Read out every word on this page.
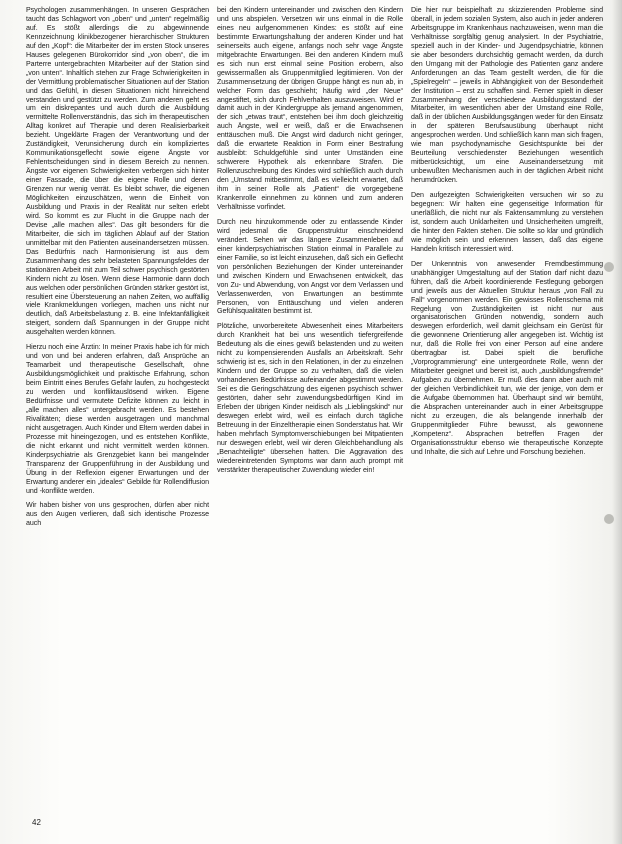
Psychologen zusammenhängen. In unseren Gesprächen taucht das Schlagwort von „oben“ und „unten“ regelmäßig auf. Es stößt allerdings die zu abgewinnende Kennzeichnung klinikbezogener hierarchischer Strukturen auf den „Kopf“: die Mitarbeiter der im ersten Stock unseres Hauses gelegenen Bürokorridor sind „von oben“, die im Parterre untergebrachten Mitarbeiter auf der Station sind „von unten“. Inhaltlich stehen zur Frage Schwierigkeiten in der Vermittlung problematischer Situationen auf der Station und das Gefühl, in diesen Situationen nicht hinreichend verstanden und gestützt zu werden. Zum anderen geht es um ein diskrepantes und auch durch die Ausbildung vermittelte Rollenverständnis, das sich im therapeutischen Alltag konkret auf Therapie und deren Realisierbarkeit bezieht. Ungeklärte Fragen der Verantwortung und der Zuständigkeit, Verunsicherung durch ein kompliziertes Kommunikationsgeflecht sowie eigene Ängste vor Fehlentscheidungen sind in diesem Bereich zu nennen. Ängste vor eigenen Schwierigkeiten verbergen sich hinter einer Fassade, die über die eigene Rolle und deren Grenzen nur wenig verrät. Es bleibt schwer, die eigenen Möglichkeiten einzuschätzen, wenn die Einheit von Ausbildung und Praxis in der Realität nur selten erlebt wird. So kommt es zur Flucht in die Gruppe nach der Devise „alle machen alles“. Das gilt besonders für die Mitarbeiter, die sich im täglichen Ablauf auf der Station unmittelbar mit den Patienten auseinandersetzen müssen. Das Bedürfnis nach Harmonisierung ist aus dem Zusammenhang des sehr belasteten Spannungsfeldes der stationären Arbeit mit zum Teil schwer psychisch gestörten Kindern nicht zu lösen. Wenn diese Harmonie dann doch aus welchen oder persönlichen Gründen stärker gestört ist, resultiert eine Übersteuerung an nahen Zeiten, wo auffällig viele Krankmeldungen vorliegen, machen uns nicht nur deutlich, daß Arbeitsbelastung z. B. eine Infektanfälligkeit steigert, sondern daß Spannungen in der Gruppe nicht ausgehalten werden können.

Hierzu noch eine Ärztin: In meiner Praxis habe ich für mich und von und bei anderen erfahren, daß Ansprüche an Teamarbeit und therapeutische Gesellschaft, ohne Ausbildungsmöglichkeit und praktische Erfahrung, schon beim Eintritt eines Berufes Gefahr laufen, zu hochgesteckt zu werden und konfliktauslösend wirken. Eigene Bedürfnisse und vermutete Defizite können zu leicht in „alle machen alles“ untergebracht werden. Es bestehen Rivalitäten; diese werden ausgetragen und manchmal nicht ausgetragen. Auch Kinder und Eltern werden dabei in Prozesse mit hineingezogen, und es entstehen Konflikte, die nicht erkannt und nicht vermittelt werden können. Kinderpsychiatrie als Grenzgebiet kann bei mangelnder Transparenz der Gruppenführung in der Ausbildung und Übung in der Reflexion eigener Erwartungen und der Erwartung anderer ein „ideales“ Gebilde für Rollendiffusion und -konflikte werden.

Wir haben bisher von uns gesprochen, dürfen aber nicht aus den Augen verlieren, daß sich identische Prozesse auch

bei den Kindern untereinander und zwischen den Kindern und uns abspielen. Versetzen wir uns einmal in die Rolle eines neu aufgenommenen Kindes: es stößt auf eine bestimmte Erwartungshaltung der anderen Kinder und hat seinerseits auch eigene, anfangs noch sehr vage Ängste mitgebrachte Erwartungen. Bei den anderen Kindern muß es sich nun erst einmal seine Position erobern, also gewissermaßen als Gruppenmitglied legitimieren. Von der Zusammensetzung der übrigen Gruppe hängt es nun ab, in welcher Form das geschieht; häufig wird „der Neue“ angestiftet, sich durch Fehlverhalten auszuweisen. Wird er damit auch in der Kindergruppe als jemand angenommen, der sich „etwas traut“, entstehen bei ihm doch gleichzeitig auch Ängste, weil er weiß, daß er die Erwachsenen enttäuschen muß. Die Angst wird dadurch nicht geringer, daß die erwartete Reaktion in Form einer Bestrafung ausbleibt: Schuldgefühle sind unter Umständen eine schwerere Hypothek als erkennbare Strafen. Die Rollenzuschreibung des Kindes wird schließlich auch durch den „Umstand mitbestimmt, daß es vielleicht erwartet, daß ihm in seiner Rolle als „Patient“ die vorgegebene Krankenrolle einnehmen zu können und zum anderen Verhältnisse vorfindet.

Durch neu hinzukommende oder zu entlassende Kinder wird jedesmal die Gruppenstruktur einschneidend verändert. Sehen wir das längere Zusammenleben auf einer kinderpsychiatrischen Station einmal in Parallele zu einer Familie, so ist leicht einzusehen, daß sich ein Geflecht von persönlichen Beziehungen der Kinder untereinander und zwischen Kindern und Erwachsenen entwickelt, das von Zu- und Abwendung, von Angst vor dem Verlassen und Verlassenwerden, von Erwartungen an bestimmte Personen, von Enttäuschung und vielen anderen Gefühlsqualitäten bestimmt ist.

Plötzliche, unvorbereitete Abwesenheit eines Mitarbeiters durch Krankheit hat bei uns wesentlich tiefergreifende Bedeutung als die eines gewiß belastenden und zu weiten nicht zu kompensierenden Ausfalls an Arbeitskraft. Sehr schwierig ist es, sich in den Relationen, in der zu einzelnen Kindern und der Gruppe so zu verhalten, daß die vielen vorhandenen Bedürfnisse aufeinander abgestimmt werden. Sei es die Geringschätzung des eigenen psychisch schwer gestörten, daher sehr zuwendungsbedürftigen Kind im Erleben der übrigen Kinder neidisch als „Lieblingskind“ nur deswegen erlebt wird, weil es einfach durch tägliche Betreuung in der Einzeltherapie einen Sonderstatus hat. Wir haben mehrfach Symptomverschiebungen bei Mitpatienten nur deswegen erlebt, weil wir deren Gleichbehandlung als „Benachteiligte“ übersehen hatten. Die Aggravation des wiedereintretenden Symptoms war dann auch prompt mit verstärkter therapeutischer Zuwendung wieder ein!

Die hier nur beispielhaft zu skizzierenden Probleme sind überall, in jedem sozialen System, also auch in jeder anderen Arbeitsgruppe im Krankenhaus nachzuweisen, wenn man die Verhältnisse sorgfältig genug analysiert. In der Psychiatrie, speziell auch in der Kinder- und Jugendpsychiatrie, können sie aber besonders durchsichtig gemacht werden, da durch den Umgang mit der Pathologie des Patienten ganz andere Anforderungen an das Team gestellt werden, die für die „Spielregeln“ – jeweils in Abhängigkeit von der Besonderheit der Institution – erst zu schaffen sind. Ferner spielt in dieser Zusammenhang der verschiedene Ausbildungsstand der Mitarbeiter, im wesentlichen aber der Umstand eine Rolle, daß in der üblichen Ausbildungsgängen weder für den Einsatz in der späteren Berufsausübung überhaupt nicht angesprochen werden. Und schließlich kann man sich fragen, wie man psychodynamische Gesichtspunkte bei der Beurteilung verschiedenster Beziehungen wesentlich mitberücksichtigt, um eine Auseinandersetzung mit unbewußten Mechanismen auch in der täglichen Arbeit nicht herumdrücken.

Den aufgezeigten Schwierigkeiten versuchen wir so zu begegnen: Wir halten eine gegenseitige Information für unerläßlich, die nicht nur als Faktensammlung zu verstehen ist, sondern auch Unklarheiten und Unsicherheiten umgreift, die hinter den Fakten stehen. Die sollte so klar und gründlich wie möglich sein und erkennen lassen, daß das eigene Handeln kritisch interessiert wird.

Der Unkenntnis von anwesender Fremdbestimmung unabhängiger Umgestaltung auf der Station darf nicht dazu führen, daß die Arbeit koordinierende Festlegung geborgen und jeweils aus der Aktuellen Struktur heraus „von Fall zu Fall“ vorgenommen werden. Ein gewisses Rollenschema mit Regelung von Zuständigkeiten ist nicht nur aus organisatorischen Gründen notwendig, sondern auch deswegen erforderlich, weil damit gleichsam ein Gerüst für die gewonnene Orientierung aller angegeben ist. Wichtig ist nur, daß die Rolle frei von einer Person auf eine andere übertragbar ist. Dabei spielt die berufliche „Vorprogrammierung“ eine untergeordnete Rolle, wenn der Mitarbeiter geeignet und bereit ist, auch „ausbildungsfremde“ Aufgaben zu übernehmen. Er muß dies dann aber auch mit der gleichen Verbindlichkeit tun, wie der jenige, von dem er die Aufgabe übernommen hat. Überhaupt sind wir bemüht, die Absprachen untereinander auch in einer Arbeitsgruppe nicht zu erzeugen, die als belangende innerhalb der Gruppenmitglieder Führe bewusst, als gewonnene „Kompetenz“. Absprachen betreffen Fragen der Organisationsstruktur ebenso wie therapeutische Konzepte und Inhalte, die sich auf Lehre und Forschung beziehen.

42
